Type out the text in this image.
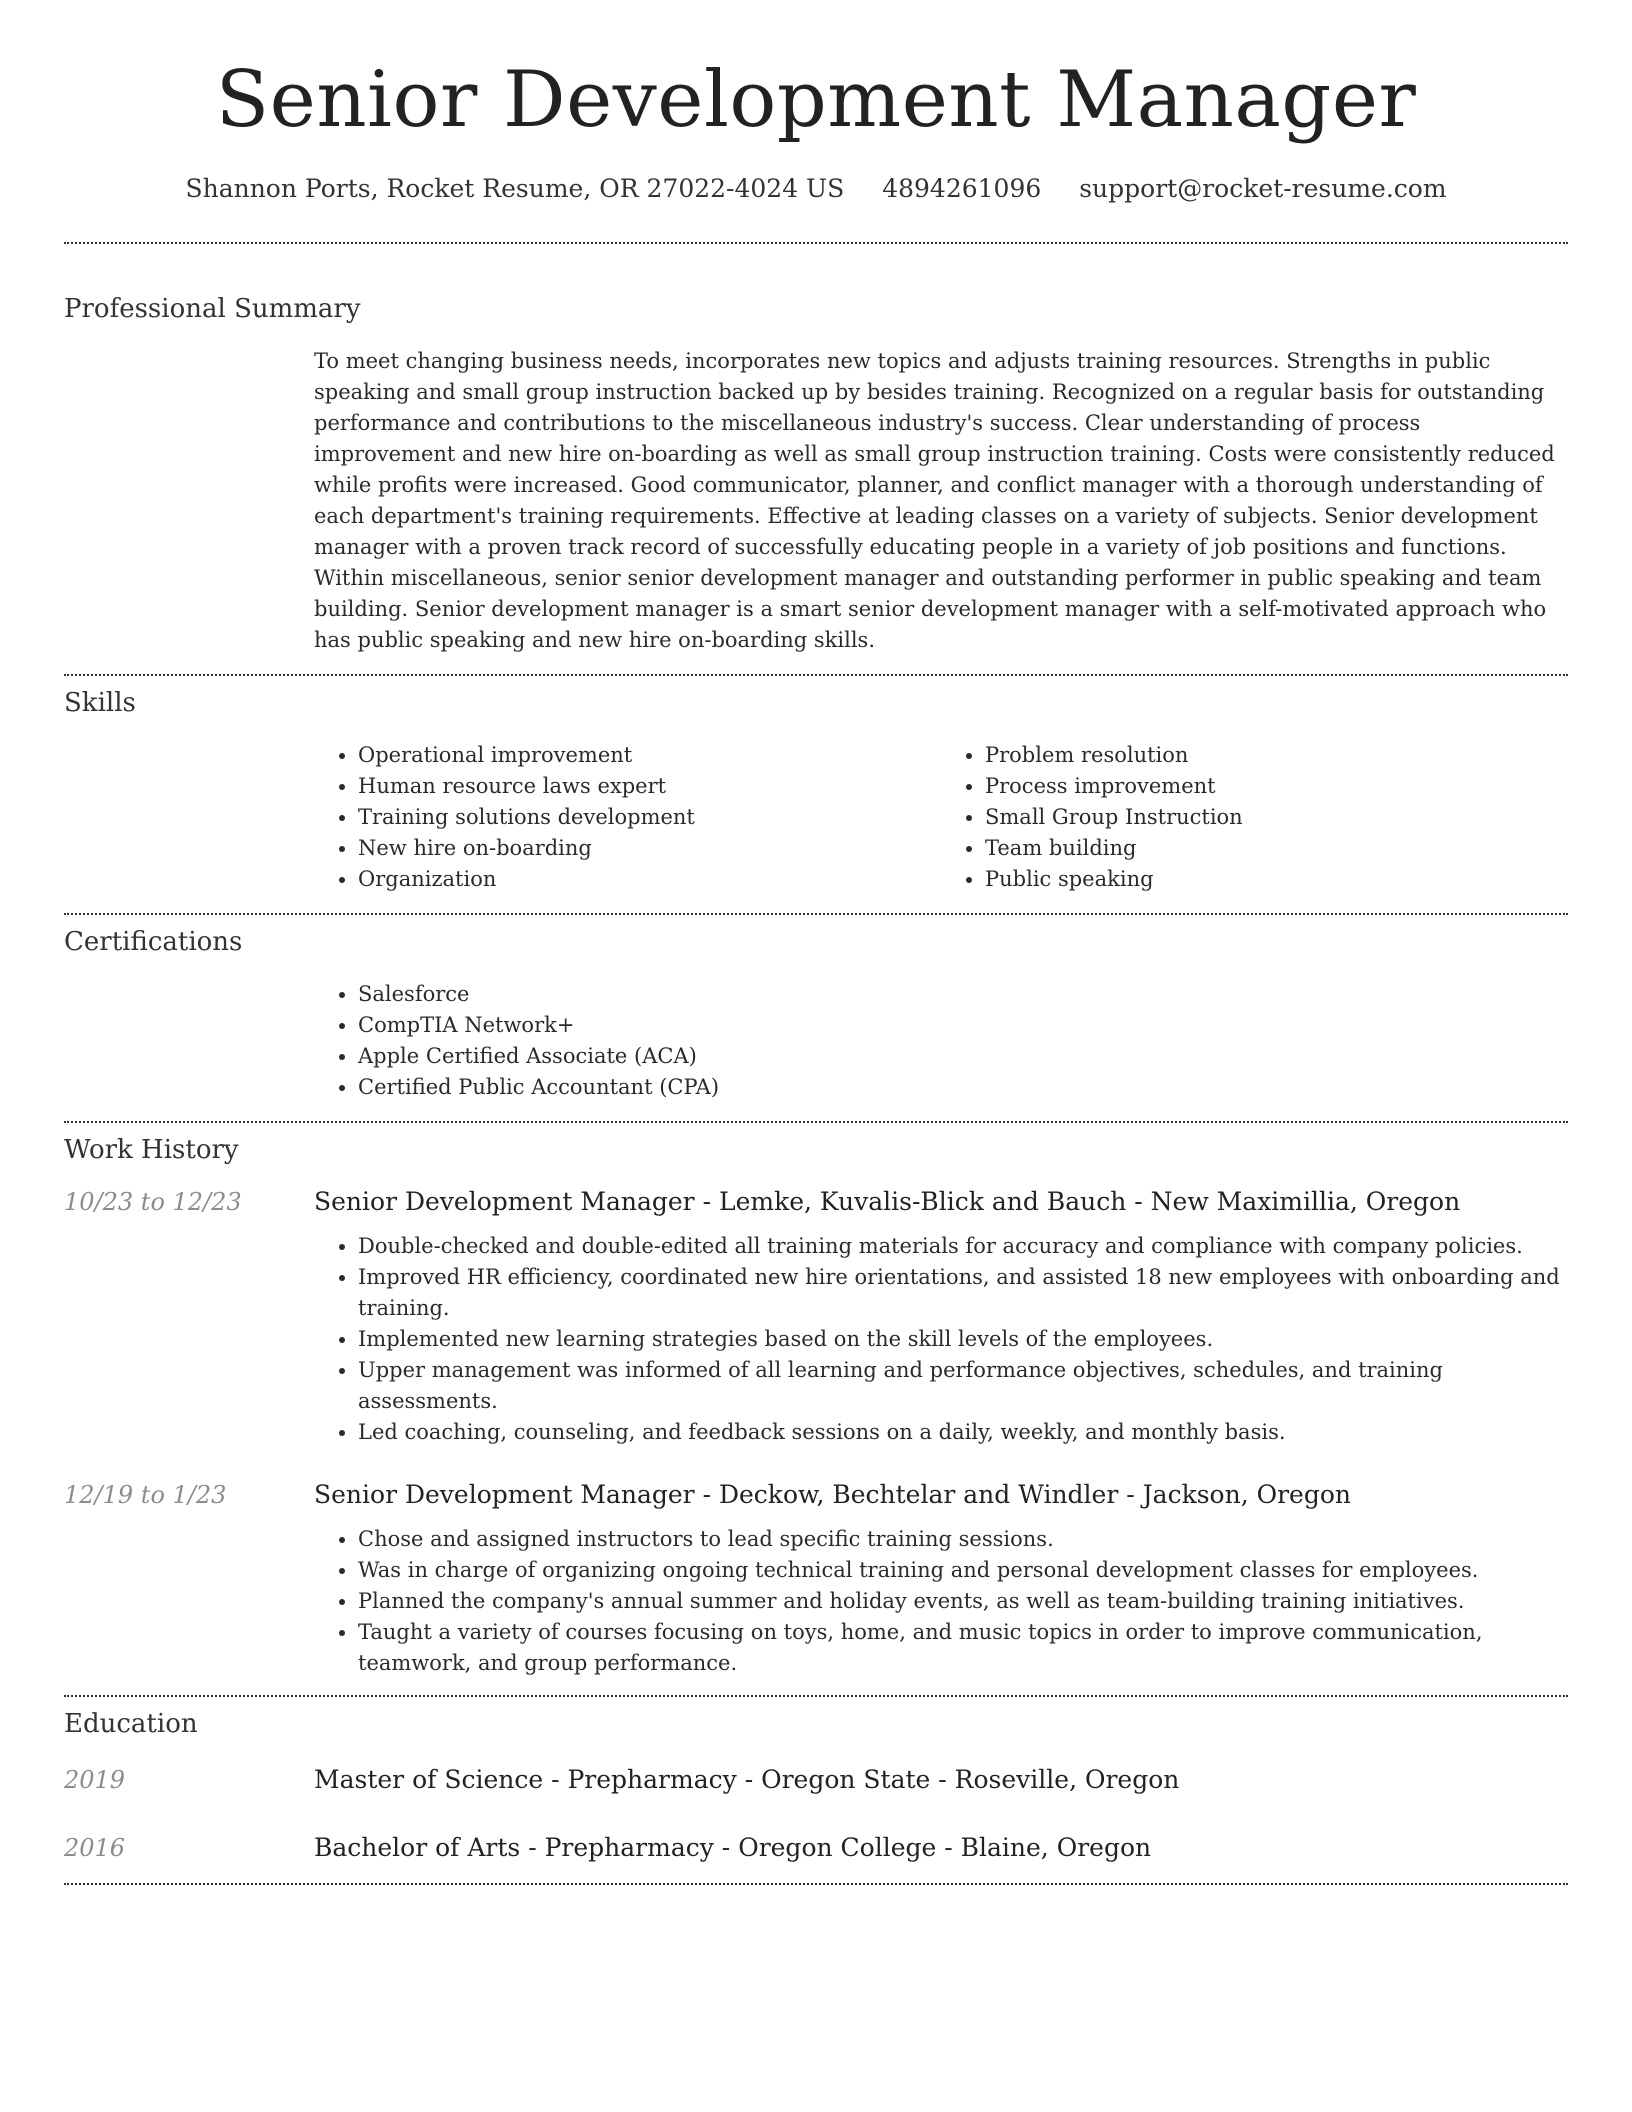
Senior Development Manager
Shannon Ports, Rocket Resume, OR 27022-4024 US 4894261096 support@rocket-resume.com
Professional Summary

To meet changing business needs, incorporates new topics and adjusts training resources. Strengths in public speaking and small group instruction backed up by besides training. Recognized on a regular basis for outstanding performance and contributions to the miscellaneous industry's success. Clear understanding of process improvement and new hire on-boarding as well as small group instruction training. Costs were consistently reduced while profits were increased. Good communicator, planner, and conflict manager with a thorough understanding of each department's training requirements. Effective at leading classes on a variety of subjects. Senior development manager with a proven track record of successfully educating people in a variety of job positions and functions. Within miscellaneous, senior senior development manager and outstanding performer in public speaking and team building. Senior development manager is a smart senior development manager with a self-motivated approach who has public speaking and new hire on-boarding skills.

Skills
• Operational improvement
• Human resource laws expert
• Training solutions development
• New hire on-boarding
• Organization
• Problem resolution
• Process improvement
• Small Group Instruction
• Team building
• Public speaking
Certifications
• Salesforce
• CompTIA Network+
• Apple Certified Associate (ACA)
• Certified Public Accountant (CPA)
Work History
10/23 to 12/23	Senior Development Manager - Lemke, Kuvalis-Blick and Bauch - New Maximillia, Oregon
• Double-checked and double-edited all training materials for accuracy and compliance with company policies.
• Improved HR efficiency, coordinated new hire orientations, and assisted 18 new employees with onboarding and training.
• Implemented new learning strategies based on the skill levels of the employees.
• Upper management was informed of all learning and performance objectives, schedules, and training assessments.
• Led coaching, counseling, and feedback sessions on a daily, weekly, and monthly basis.
12/19 to 1/23	Senior Development Manager - Deckow, Bechtelar and Windler - Jackson, Oregon
• Chose and assigned instructors to lead specific training sessions.
• Was in charge of organizing ongoing technical training and personal development classes for employees.
• Planned the company's annual summer and holiday events, as well as team-building training initiatives.
• Taught a variety of courses focusing on toys, home, and music topics in order to improve communication, teamwork, and group performance.
Education
2019	Master of Science - Prepharmacy - Oregon State - Roseville, Oregon
2016	Bachelor of Arts - Prepharmacy - Oregon College - Blaine, Oregon
